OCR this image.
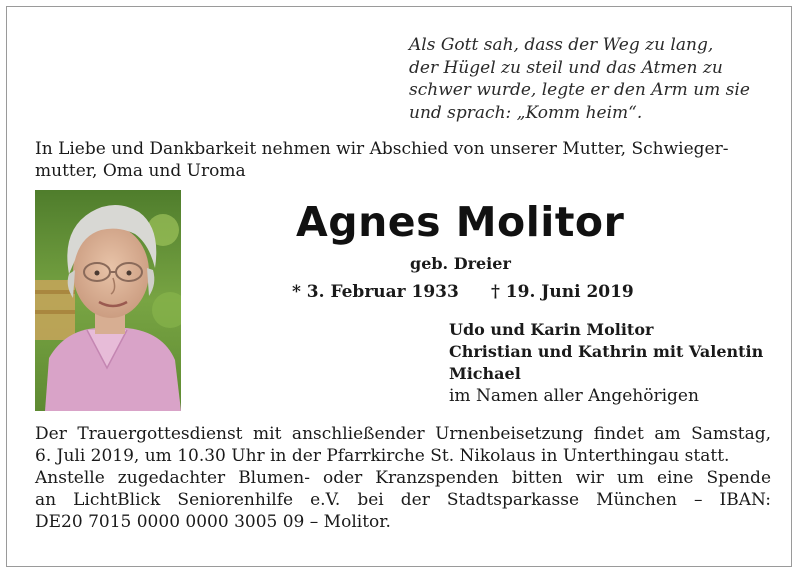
Als Gott sah, dass der Weg zu lang,
der Hügel zu steil und das Atmen zu
schwer wurde, legte er den Arm um sie
und sprach: „Komm heim“.
In Liebe und Dankbarkeit nehmen wir Abschied von unserer Mutter, Schwieger-
mutter, Oma und Uroma
Agnes Molitor
geb. Dreier
* 3. Februar 1933 † 19. Juni 2019
Udo und Karin Molitor
Christian und Kathrin mit Valentin
Michael
im Namen aller Angehörigen
Der Trauergottesdienst mit anschließender Urnenbeisetzung findet am Samstag,
6. Juli 2019, um 10.30 Uhr in der Pfarrkirche St. Nikolaus in Unterthingau statt.
Anstelle zugedachter Blumen- oder Kranzspenden bitten wir um eine Spende
an LichtBlick Seniorenhilfe e.V. bei der Stadtsparkasse München – IBAN:
DE20 7015 0000 0000 3005 09 – Molitor.
